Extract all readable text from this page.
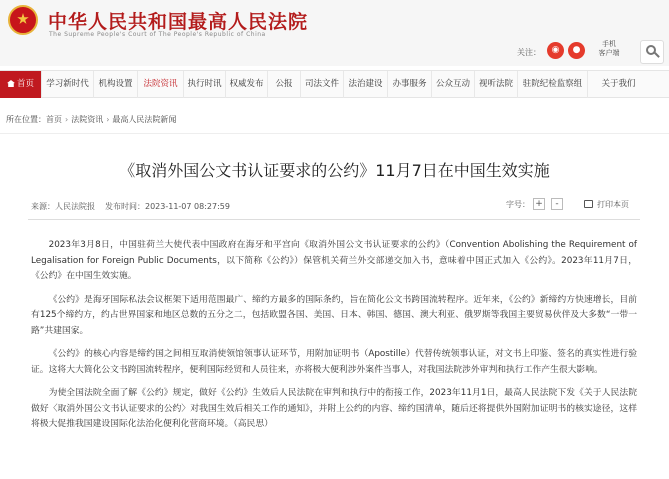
中华人民共和国最高人民法院
The Supreme People's Court of The People's Republic of China
关注：	◉	●
手机
客户端
首页	学习新时代	机构设置	法院资讯	执行时讯 权威发布	公报	司法文件	法治建设	办事服务	公众互动	视听法院	驻院纪检监察组	关于我们
所在位置：首页 › 法院资讯 › 最高人民法院新闻
《取消外国公文书认证要求的公约》11月7日在中国生效实施
来源：人民法院报 发布时间：2023-11-07 08:27:59	字号： +	-	打印本页

2023年3月8日，中国驻荷兰大使代表中国政府在海牙和平宫向《取消外国公文书认证要求的公约》（Convention Abolishing the Requirement of Legalisation for Foreign Public Documents，以下简称《公约》）保管机关荷兰外交部递交加入书，意味着中国正式加入《公约》。2023年11月7日，《公约》在中国生效实施。

《公约》是海牙国际私法会议框架下适用范围最广、缔约方最多的国际条约，旨在简化公文书跨国流转程序。近年来，《公约》新缔约方快速增长，目前有125个缔约方，约占世界国家和地区总数的五分之二，包括欧盟各国、美国、日本、韩国、德国、澳大利亚、俄罗斯等我国主要贸易伙伴及大多数“一带一路”共建国家。

《公约》的核心内容是缔约国之间相互取消使领馆领事认证环节，用附加证明书（Apostille）代替传统领事认证，对文书上印鉴、签名的真实性进行验证。这将大大简化公文书跨国流转程序，便利国际经贸和人员往来，亦将极大便利涉外案件当事人，对我国法院涉外审判和执行工作产生很大影响。

为使全国法院全面了解《公约》规定，做好《公约》生效后人民法院在审判和执行中的衔接工作，2023年11月1日，最高人民法院下发《关于人民法院做好〈取消外国公文书认证要求的公约〉对我国生效后相关工作的通知》，并附上公约的内容、缔约国清单，随后还将提供外国附加证明书的核实途径，这样将极大促推我国建设国际化法治化便利化营商环境。（高民思）
